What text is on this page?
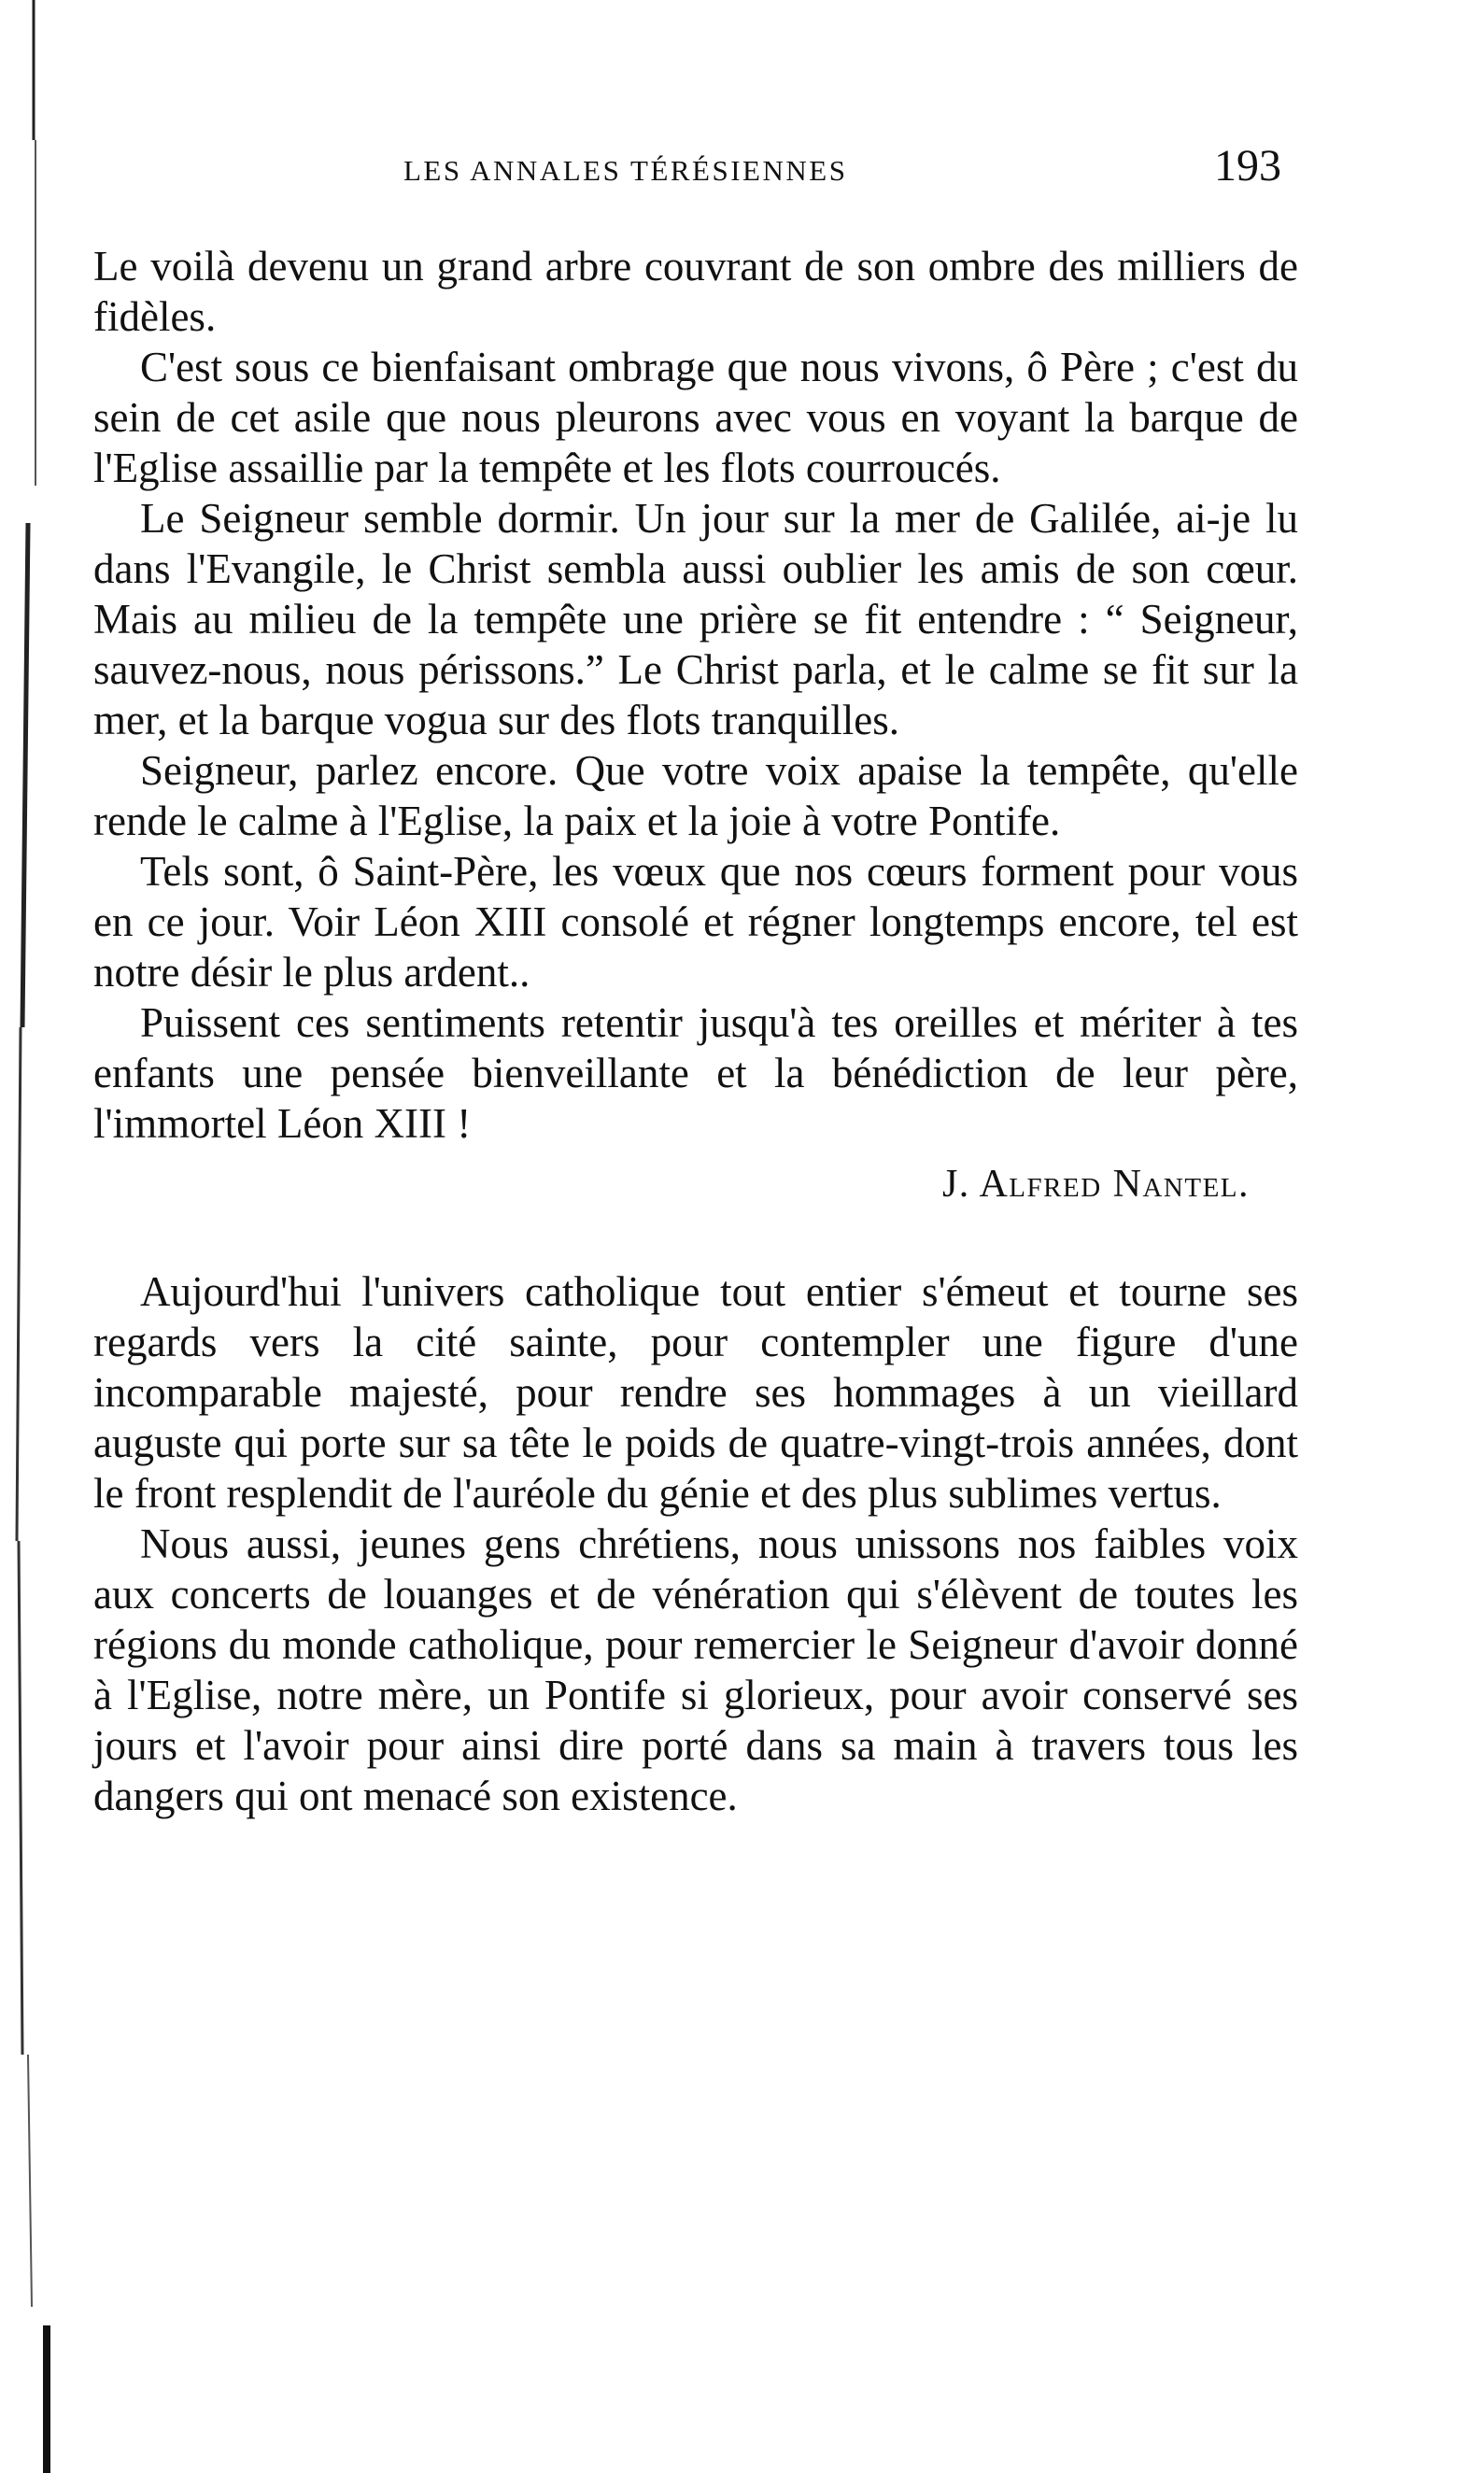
LES ANNALES TÉRÉSIENNES	193

Le voilà devenu un grand arbre couvrant de son ombre des milliers de fidèles.

C'est sous ce bienfaisant ombrage que nous vivons, ô Père ; c'est du sein de cet asile que nous pleurons avec vous en voyant la barque de l'Eglise assaillie par la tempête et les flots courroucés.

Le Seigneur semble dormir. Un jour sur la mer de Galilée, ai-je lu dans l'Evangile, le Christ sembla aussi oublier les amis de son cœur. Mais au milieu de la tempête une prière se fit entendre : “ Seigneur, sauvez-nous, nous périssons.” Le Christ parla, et le calme se fit sur la mer, et la barque vogua sur des flots tranquilles.

Seigneur, parlez encore. Que votre voix apaise la tempête, qu'elle rende le calme à l'Eglise, la paix et la joie à votre Pontife.

Tels sont, ô Saint-Père, les vœux que nos cœurs forment pour vous en ce jour. Voir Léon XIII consolé et régner longtemps encore, tel est notre désir le plus ardent..

Puissent ces sentiments retentir jusqu'à tes oreilles et mériter à tes enfants une pensée bienveillante et la bénédiction de leur père, l'immortel Léon XIII !

J. Alfred Nantel.

Aujourd'hui l'univers catholique tout entier s'émeut et tourne ses regards vers la cité sainte, pour contempler une figure d'une incomparable majesté, pour rendre ses hommages à un vieillard auguste qui porte sur sa tête le poids de quatre-vingt-trois années, dont le front resplendit de l'auréole du génie et des plus sublimes vertus.

Nous aussi, jeunes gens chrétiens, nous unissons nos faibles voix aux concerts de louanges et de vénération qui s'élèvent de toutes les régions du monde catholique, pour remercier le Seigneur d'avoir donné à l'Eglise, notre mère, un Pontife si glorieux, pour avoir conservé ses jours et l'avoir pour ainsi dire porté dans sa main à travers tous les dangers qui ont menacé son existence.
